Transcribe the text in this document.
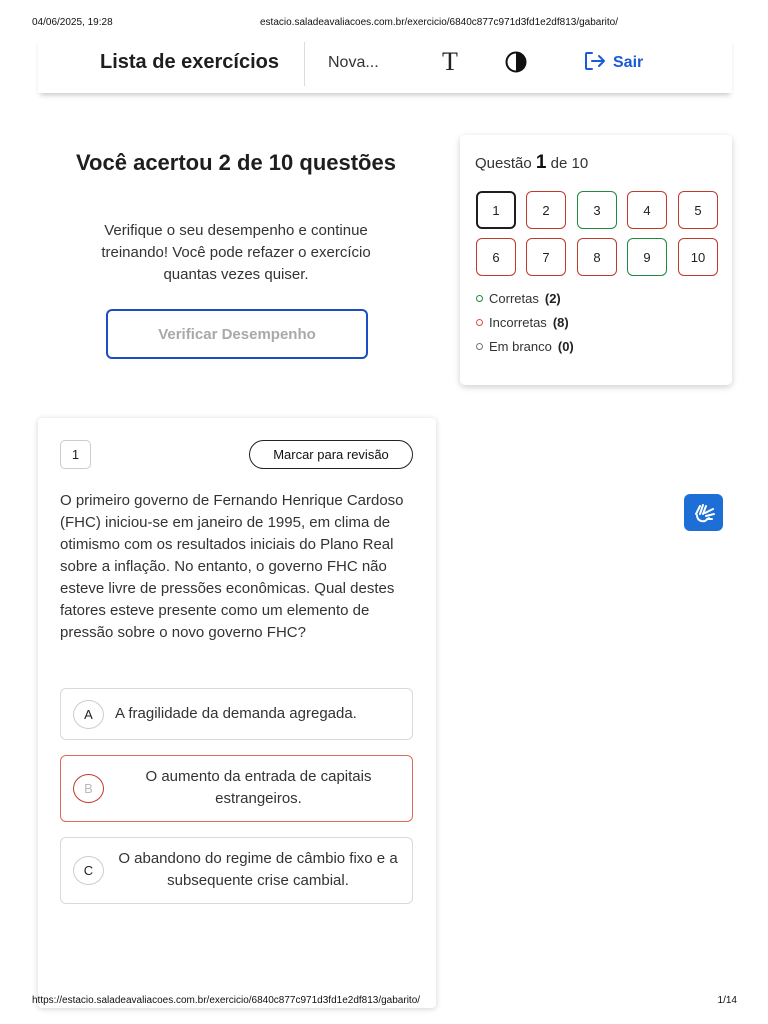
04/06/2025, 19:28	estacio.saladeavaliacoes.com.br/exercicio/6840c877c971d3fd1e2df813/gabarito/
Lista de exercícios	Nova... T	Sair
Você acertou 2 de 10 questões
Verifique o seu desempenho e continue treinando! Você pode refazer o exercício quantas vezes quiser.
Verificar Desempenho
Questão 1 de 10
1	2	3	4	5
6	7	8	9	10
Corretas (2)
Incorretas (8)
Em branco (0)
1	Marcar para revisão
O primeiro governo de Fernando Henrique Cardoso (FHC) iniciou-se em janeiro de 1995, em clima de otimismo com os resultados iniciais do Plano Real sobre a inflação. No entanto, o governo FHC não esteve livre de pressões econômicas. Qual destes fatores esteve presente como um elemento de pressão sobre o novo governo FHC?
A	A fragilidade da demanda agregada.
B
O aumento da entrada de capitais estrangeiros.
C
O abandono do regime de câmbio fixo e a subsequente crise cambial.
https://estacio.saladeavaliacoes.com.br/exercicio/6840c877c971d3fd1e2df813/gabarito/	1/14
